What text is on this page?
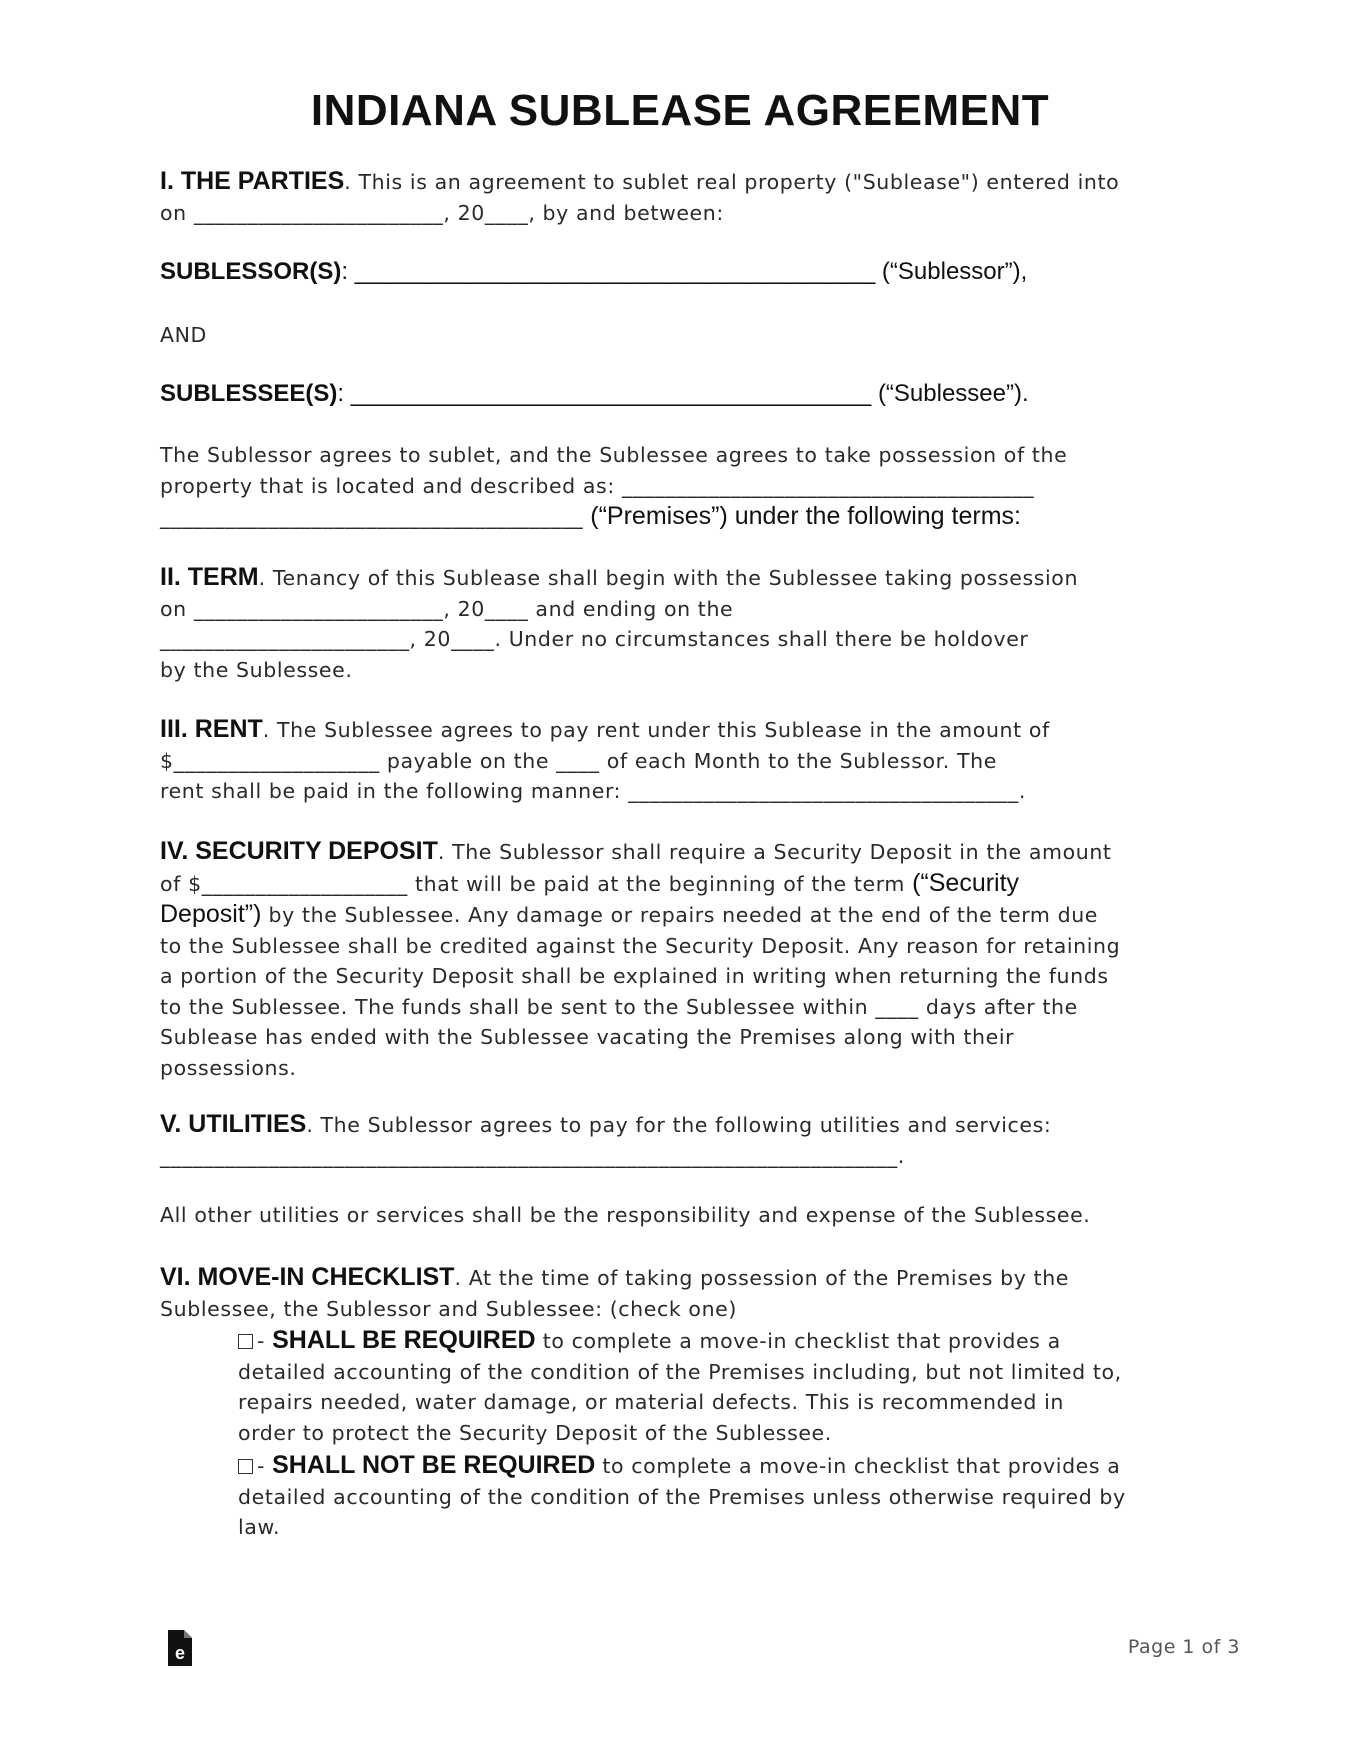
INDIANA SUBLEASE AGREEMENT
I. THE PARTIES. This is an agreement to sublet real property ("Sublease") entered into
on _______________________, 20____, by and between:
SUBLESSOR(S): _______________________________________ (“Sublessor”),
AND
SUBLESSEE(S): _______________________________________ (“Sublessee”).
The Sublessor agrees to sublet, and the Sublessee agrees to take possession of the
property that is located and described as: ______________________________________
_______________________________________ (“Premises”) under the following terms:
II. TERM. Tenancy of this Sublease shall begin with the Sublessee taking possession
on _______________________, 20____ and ending on the
_______________________, 20____. Under no circumstances shall there be holdover
by the Sublessee.
III. RENT. The Sublessee agrees to pay rent under this Sublease in the amount of
$___________________ payable on the ____ of each Month to the Sublessor. The
rent shall be paid in the following manner: ____________________________________.
IV. SECURITY DEPOSIT. The Sublessor shall require a Security Deposit in the amount
of $___________________ that will be paid at the beginning of the term (“Security
Deposit”) by the Sublessee. Any damage or repairs needed at the end of the term due
to the Sublessee shall be credited against the Security Deposit. Any reason for retaining
a portion of the Security Deposit shall be explained in writing when returning the funds
to the Sublessee. The funds shall be sent to the Sublessee within ____ days after the
Sublease has ended with the Sublessee vacating the Premises along with their
possessions.
V. UTILITIES. The Sublessor agrees to pay for the following utilities and services:
____________________________________________________________________.
All other utilities or services shall be the responsibility and expense of the Sublessee.
VI. MOVE-IN CHECKLIST. At the time of taking possession of the Premises by the
Sublessee, the Sublessor and Sublessee: (check one)
- SHALL BE REQUIRED to complete a move-in checklist that provides a
detailed accounting of the condition of the Premises including, but not limited to,
repairs needed, water damage, or material defects. This is recommended in
order to protect the Security Deposit of the Sublessee.
- SHALL NOT BE REQUIRED to complete a move-in checklist that provides a
detailed accounting of the condition of the Premises unless otherwise required by
law.
e	Page 1 of 3
